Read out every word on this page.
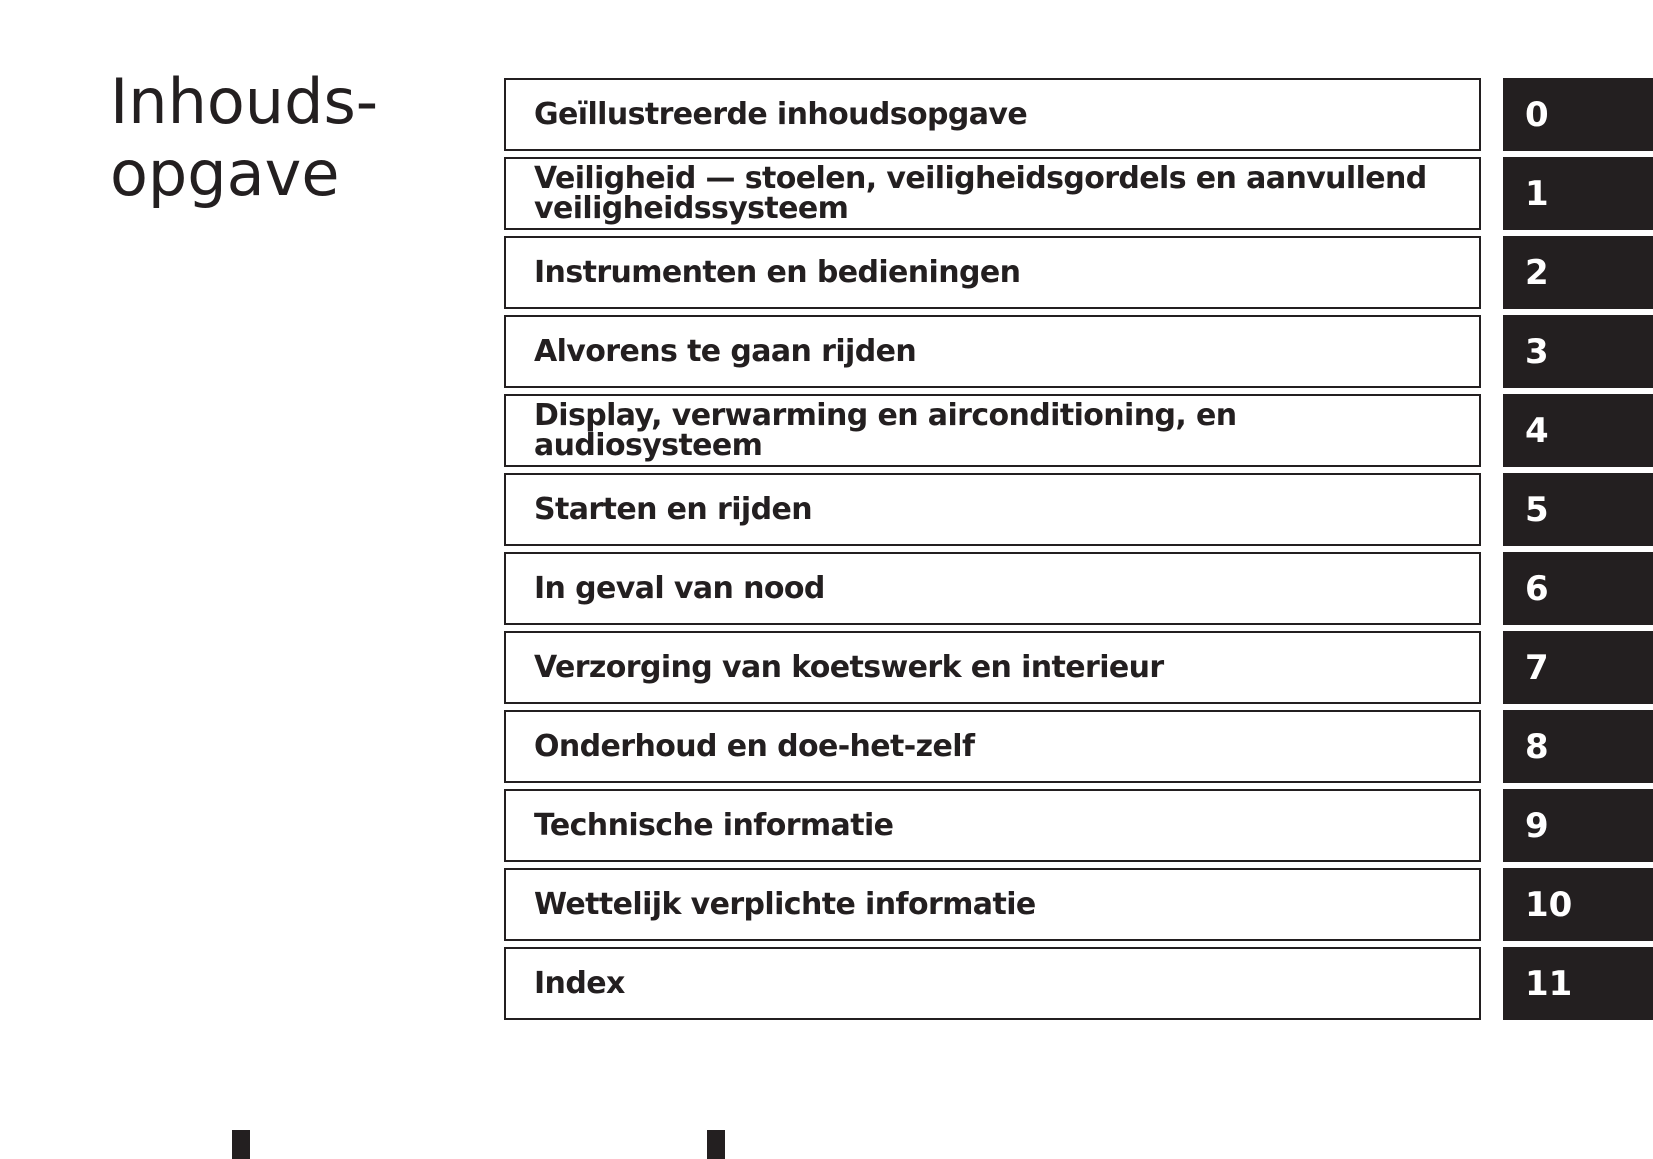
Inhouds-
opgave
Geïllustreerde inhoudsopgave	0
Veiligheid — stoelen, veiligheidsgordels en aanvullend veiligheidssysteem	1
Instrumenten en bedieningen	2
Alvorens te gaan rijden	3
Display, verwarming en airconditioning, en audiosysteem	4
Starten en rijden	5
In geval van nood	6
Verzorging van koetswerk en interieur	7
Onderhoud en doe-het-zelf	8
Technische informatie	9
Wettelijk verplichte informatie	10
Index	11
